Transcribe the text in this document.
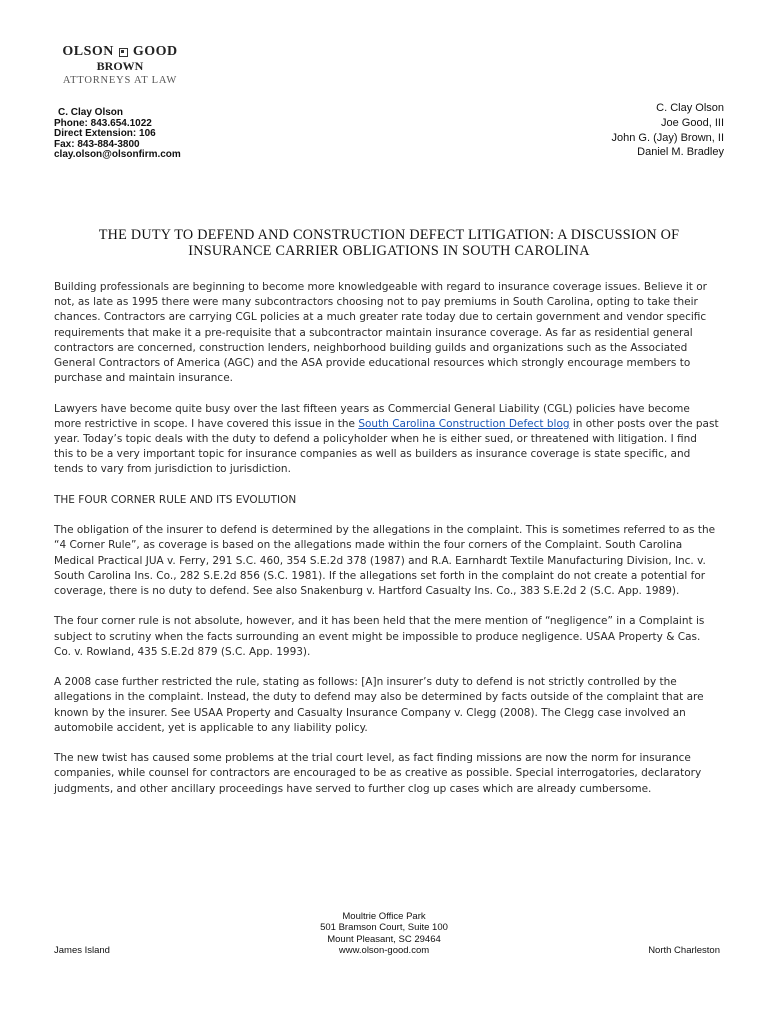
OLSON GOOD
BROWN
ATTORNEYS AT LAW
C. Clay Olson
Phone: 843.654.1022
Direct Extension: 106
Fax: 843-884-3800
clay.olson@olsonfirm.com
C. Clay Olson
Joe Good, III
John G. (Jay) Brown, II
Daniel M. Bradley
THE DUTY TO DEFEND AND CONSTRUCTION DEFECT LITIGATION: A DISCUSSION OF
INSURANCE CARRIER OBLIGATIONS IN SOUTH CAROLINA

Building professionals are beginning to become more knowledgeable with regard to insurance coverage issues. Believe it or not, as late as 1995 there were many subcontractors choosing not to pay premiums in South Carolina, opting to take their chances. Contractors are carrying CGL policies at a much greater rate today due to certain government and vendor specific requirements that make it a pre-requisite that a subcontractor maintain insurance coverage. As far as residential general contractors are concerned, construction lenders, neighborhood building guilds and organizations such as the Associated General Contractors of America (AGC) and the ASA provide educational resources which strongly encourage members to purchase and maintain insurance.

Lawyers have become quite busy over the last fifteen years as Commercial General Liability (CGL) policies have become more restrictive in scope. I have covered this issue in the South Carolina Construction Defect blog in other posts over the past year. Today’s topic deals with the duty to defend a policyholder when he is either sued, or threatened with litigation. I find this to be a very important topic for insurance companies as well as builders as insurance coverage is state specific, and tends to vary from jurisdiction to jurisdiction.

THE FOUR CORNER RULE AND ITS EVOLUTION

The obligation of the insurer to defend is determined by the allegations in the complaint. This is sometimes referred to as the “4 Corner Rule”, as coverage is based on the allegations made within the four corners of the Complaint. South Carolina Medical Practical JUA v. Ferry, 291 S.C. 460, 354 S.E.2d 378 (1987) and R.A. Earnhardt Textile Manufacturing Division, Inc. v. South Carolina Ins. Co., 282 S.E.2d 856 (S.C. 1981). If the allegations set forth in the complaint do not create a potential for coverage, there is no duty to defend. See also Snakenburg v. Hartford Casualty Ins. Co., 383 S.E.2d 2 (S.C. App. 1989).

The four corner rule is not absolute, however, and it has been held that the mere mention of “negligence” in a Complaint is subject to scrutiny when the facts surrounding an event might be impossible to produce negligence. USAA Property & Cas. Co. v. Rowland, 435 S.E.2d 879 (S.C. App. 1993).

A 2008 case further restricted the rule, stating as follows: [A]n insurer’s duty to defend is not strictly controlled by the allegations in the complaint. Instead, the duty to defend may also be determined by facts outside of the complaint that are known by the insurer. See USAA Property and Casualty Insurance Company v. Clegg (2008). The Clegg case involved an automobile accident, yet is applicable to any liability policy.

The new twist has caused some problems at the trial court level, as fact finding missions are now the norm for insurance companies, while counsel for contractors are encouraged to be as creative as possible. Special interrogatories, declaratory judgments, and other ancillary proceedings have served to further clog up cases which are already cumbersome.

Moultrie Office Park
501 Bramson Court, Suite 100
Mount Pleasant, SC 29464
www.olson-good.com
James Island	North Charleston
